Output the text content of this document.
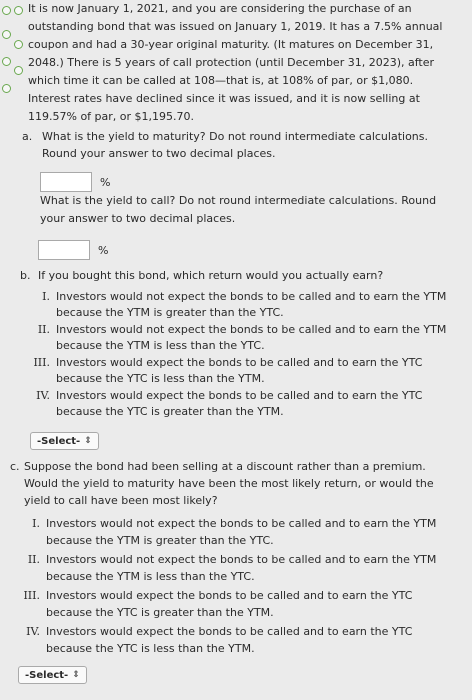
It is now January 1, 2021, and you are considering the purchase of an
outstanding bond that was issued on January 1, 2019. It has a 7.5% annual
coupon and had a 30-year original maturity. (It matures on December 31,
2048.) There is 5 years of call protection (until December 31, 2023), after
which time it can be called at 108—that is, at 108% of par, or $1,080.
Interest rates have declined since it was issued, and it is now selling at
119.57% of par, or $1,195.70.
a. What is the yield to maturity? Do not round intermediate calculations.
Round your answer to two decimal places.
%
What is the yield to call? Do not round intermediate calculations. Round
your answer to two decimal places.
%
b. If you bought this bond, which return would you actually earn?
I. Investors would not expect the bonds to be called and to earn the YTM
because the YTM is greater than the YTC.
II. Investors would not expect the bonds to be called and to earn the YTM
because the YTM is less than the YTC.
III. Investors would expect the bonds to be called and to earn the YTC
because the YTC is less than the YTM.
IV. Investors would expect the bonds to be called and to earn the YTC
because the YTC is greater than the YTM.
-Select- ⇕
c. Suppose the bond had been selling at a discount rather than a premium.
Would the yield to maturity have been the most likely return, or would the
yield to call have been most likely?
I. Investors would not expect the bonds to be called and to earn the YTM
because the YTM is greater than the YTC.
II. Investors would not expect the bonds to be called and to earn the YTM
because the YTM is less than the YTC.
III. Investors would expect the bonds to be called and to earn the YTC
because the YTC is greater than the YTM.
IV. Investors would expect the bonds to be called and to earn the YTC
because the YTC is less than the YTM.
-Select- ⇕
